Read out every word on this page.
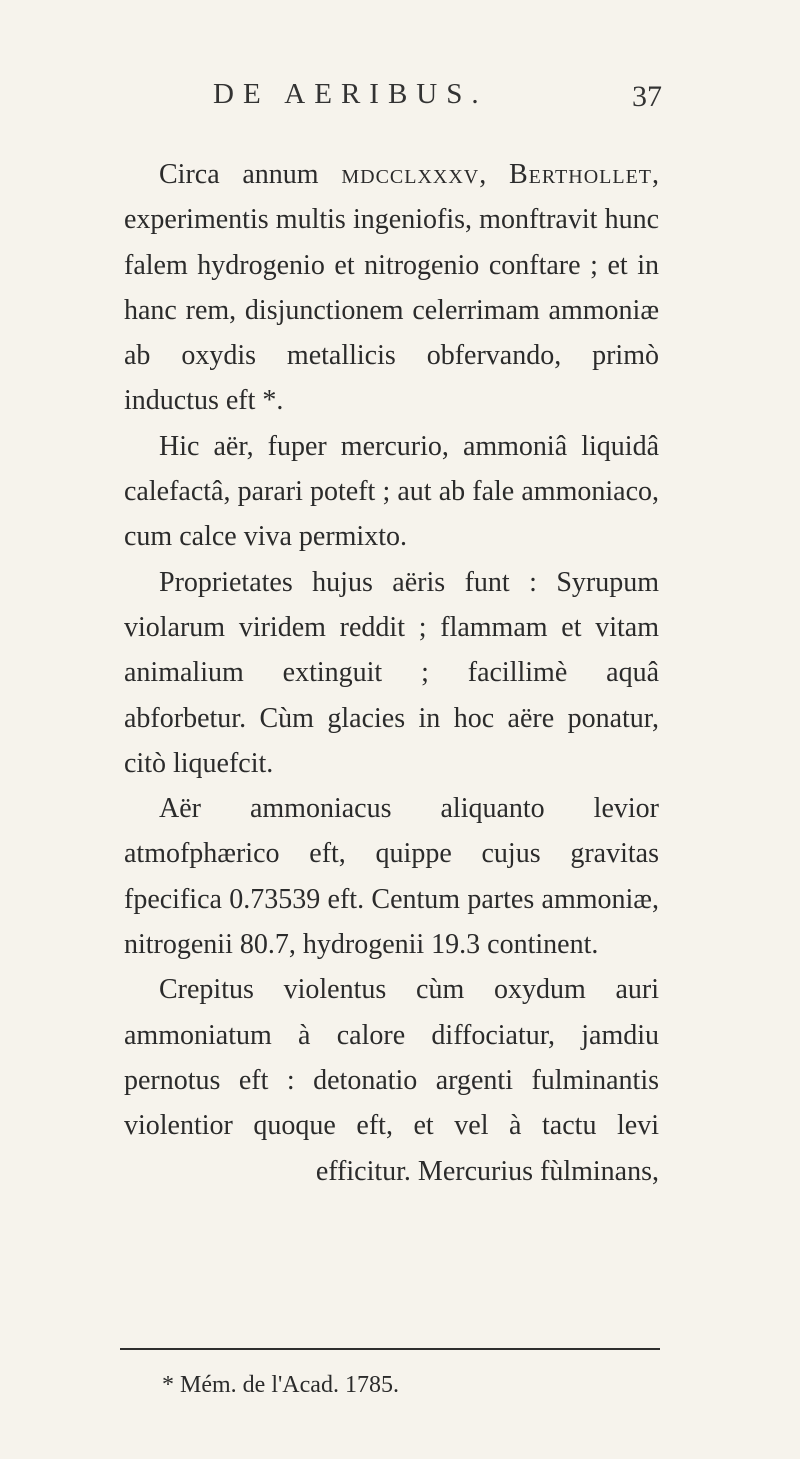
DE AERIBUS.	37

Circa annum mdcclxxxv, Berthollet, experimentis multis ingeniofis, monftravit hunc falem hydrogenio et nitrogenio conftare ; et in hanc rem, disjunctionem celerrimam ammoniæ ab oxydis metallicis obfervando, primò inductus eft *.

Hic aër, fuper mercurio, ammoniâ liquidâ calefactâ, parari poteft ; aut ab fale ammoniaco, cum calce viva permixto.

Proprietates hujus aëris funt : Syrupum violarum viridem reddit ; flammam et vitam animalium extinguit ; facillimè aquâ abforbetur. Cùm glacies in hoc aëre ponatur, citò liquefcit.

Aër ammoniacus aliquanto levior atmofphærico eft, quippe cujus gravitas fpecifica 0.73539 eft. Centum partes ammoniæ, nitrogenii 80.7, hydrogenii 19.3 continent.

Crepitus violentus cùm oxydum auri ammoniatum à calore diffociatur, jamdiu pernotus eft : detonatio argenti fulminantis violentior quoque eft, et vel à tactu levi efficitur. Mercurius fùlminans,

* Mém. de l'Acad. 1785.
